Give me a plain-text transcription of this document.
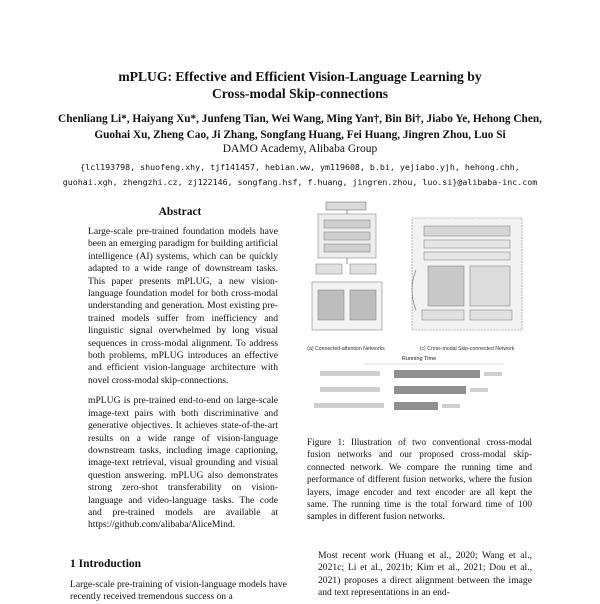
mPLUG: Effective and Efficient Vision-Language Learning by
Cross-modal Skip-connections
Chenliang Li*, Haiyang Xu*, Junfeng Tian, Wei Wang, Ming Yan†, Bin Bi†, Jiabo Ye, Hehong Chen,
Guohai Xu, Zheng Cao, Ji Zhang, Songfang Huang, Fei Huang, Jingren Zhou, Luo Si
DAMO Academy, Alibaba Group
{lcl193798, shuofeng.xhy, tjf141457, hebian.ww, ym119608, b.bi, yejiabo.yjh, hehong.chh,
guohai.xgh, zhengzhi.cz, zj122146, songfang.hsf, f.huang, jingren.zhou, luo.si}@alibaba-inc.com
Abstract

Large-scale pre-trained foundation models have been an emerging paradigm for building artificial intelligence (AI) systems, which can be quickly adapted to a wide range of downstream tasks. This paper presents mPLUG, a new vision-language foundation model for both cross-modal understanding and generation. Most existing pre-trained models suffer from inefficiency and linguistic signal overwhelmed by long visual sequences in cross-modal alignment. To address both problems, mPLUG introduces an effective and efficient vision-language architecture with novel cross-modal skip-connections.

mPLUG is pre-trained end-to-end on large-scale image-text pairs with both discriminative and generative objectives. It achieves state-of-the-art results on a wide range of vision-language downstream tasks, including image captioning, image-text retrieval, visual grounding and visual question answering. mPLUG also demonstrates strong zero-shot transferability on vision-language and video-language tasks. The code and pre-trained models are available at https://github.com/alibaba/AliceMind.

1 Introduction
Large-scale pre-training of vision-language models have recently received tremendous success on a
(a) Connected-attention Networks	(c) Cross-modal Skip-connected Network
Running Time
Figure 1: Illustration of two conventional cross-modal fusion networks and our proposed cross-modal skip-connected network. We compare the running time and performance of different fusion networks, where the fusion layers, image encoder and text encoder are all kept the same. The running time is the total forward time of 100 samples in different fusion networks.
Most recent work (Huang et al., 2020; Wang et al., 2021c; Li et al., 2021b; Kim et al., 2021; Dou et al., 2021) proposes a direct alignment between the image and text representations in an end-
